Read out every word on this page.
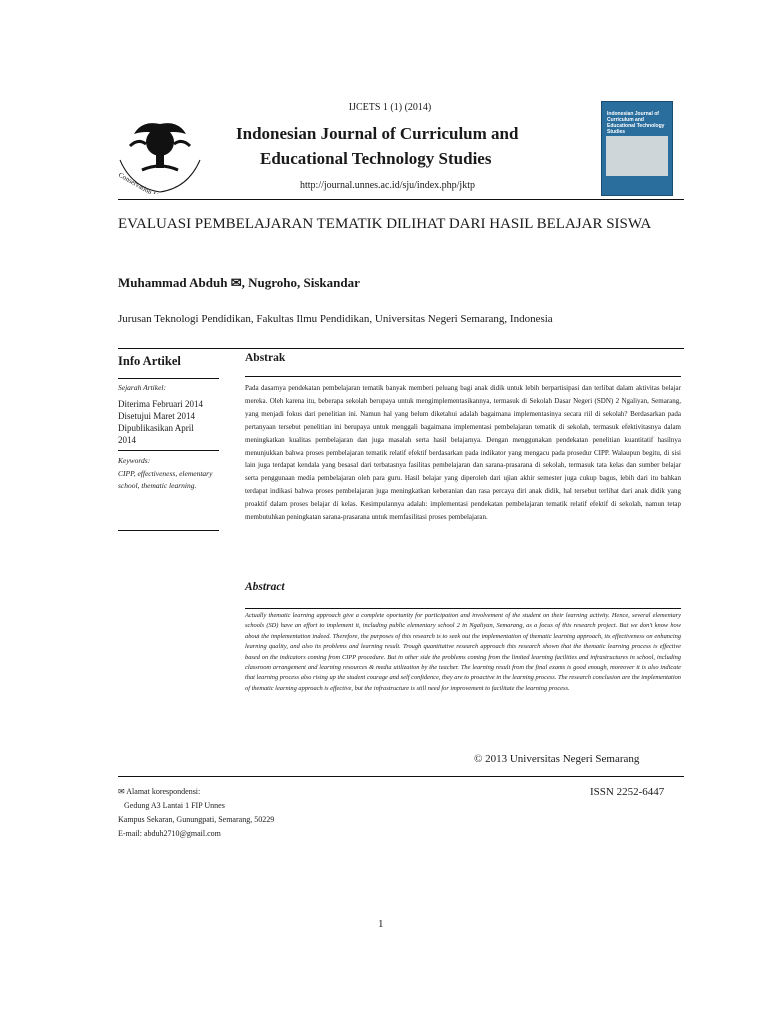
Conservation University
IJCETS 1 (1) (2014)
Indonesian Journal of Curriculum and
Educational Technology Studies
http://journal.unnes.ac.id/sju/index.php/jktp
Indonesian Journal of Curriculum and Educational Technology Studies
EVALUASI PEMBELAJARAN TEMATIK DILIHAT DARI HASIL BELAJAR SISWA
Muhammad Abduh ✉, Nugroho, Siskandar
Jurusan Teknologi Pendidikan, Fakultas Ilmu Pendidikan, Universitas Negeri Semarang, Indonesia
Info Artikel
Sejarah Artikel:
Diterima Februari 2014
Disetujui Maret 2014
Dipublikasikan April
2014
Keywords:
CIPP, effectiveness, elementary school, thematic learning.
Abstrak
Pada dasarnya pendekatan pembelajaran tematik banyak memberi peluang bagi anak didik untuk lebih berpartisipasi dan terlibat dalam aktivitas belajar mereka. Oleh karena itu, beberapa sekolah berupaya untuk mengimplementasikannya, termasuk di Sekolah Dasar Negeri (SDN) 2 Ngaliyan, Semarang, yang menjadi fokus dari penelitian ini. Namun hal yang belum diketahui adalah bagaimana implementasinya secara riil di sekolah? Berdasarkan pada pertanyaan tersebut penelitian ini berupaya untuk menggali bagaimana implementasi pembelajaran tematik di sekolah, termasuk efektivitasnya dalam meningkatkan kualitas pembelajaran dan juga masalah serta hasil belajarnya. Dengan menggunakan pendekatan penelitian kuantitatif hasilnya menunjukkan bahwa proses pembelajaran tematik relatif efektif berdasarkan pada indikator yang mengacu pada prosedur CIPP. Walaupun begitu, di sisi lain juga terdapat kendala yang besasal dari terbatasnya fasilitas pembelajaran dan sarana-prasarana di sekolah, termasuk tata kelas dan sumber belajar serta penggunaan media pembelajaran oleh para guru. Hasil belajar yang diperoleh dari ujian akhir semester juga cukup bagus, lebih dari itu bahkan terdapat indikasi bahwa proses pembelajaran juga meningkatkan keberanian dan rasa percaya diri anak didik, hal tersebut terlihat dari anak didik yang proaktif dalam proses belajar di kelas. Kesimpulannya adalah: implementasi pendekatan pembelajaran tematik relatif efektif di sekolah, namun tetap membutuhkan peningkatan sarana-prasarana untuk memfasilitasi proses pembelajaran.
Abstract
Actually thematic learning approach give a complete oportunity for participation and involvement of the student on their learning activity. Hence, several elementary schools (SD) have an effort to implement it, including public elementary school 2 in Ngaliyan, Semarang, as a focus of this research project. But we don't know how about the implementation indeed. Therefore, the purposes of this research is to seek out the implementation of thematic learning approach, its effectiveness on enhancing learning quality, and also its problems and learning result. Trough quantitative research approach this research shown that the thematic learning process is effective based on the indicators coming from CIPP procedure. But in other side the problems coming from the limited learning facilities and infrastructures in school, including classroom arrangement and learning resources & media utilization by the teacher. The learning result from the final exams is good enough, moreover it is also indicate that learning process also rising up the student courage and self confidence, they are to proactive in the learning process. The research conclusion are the implementation of thematic learning approach is effective, but the infrastructure is still need for improvement to facilitate the learning process.
© 2013 Universitas Negeri Semarang
✉ Alamat korespondensi:
Gedung A3 Lantai 1 FIP Unnes
Kampus Sekaran, Gunungpati, Semarang, 50229
E-mail: abduh2710@gmail.com
ISSN 2252-6447
1
